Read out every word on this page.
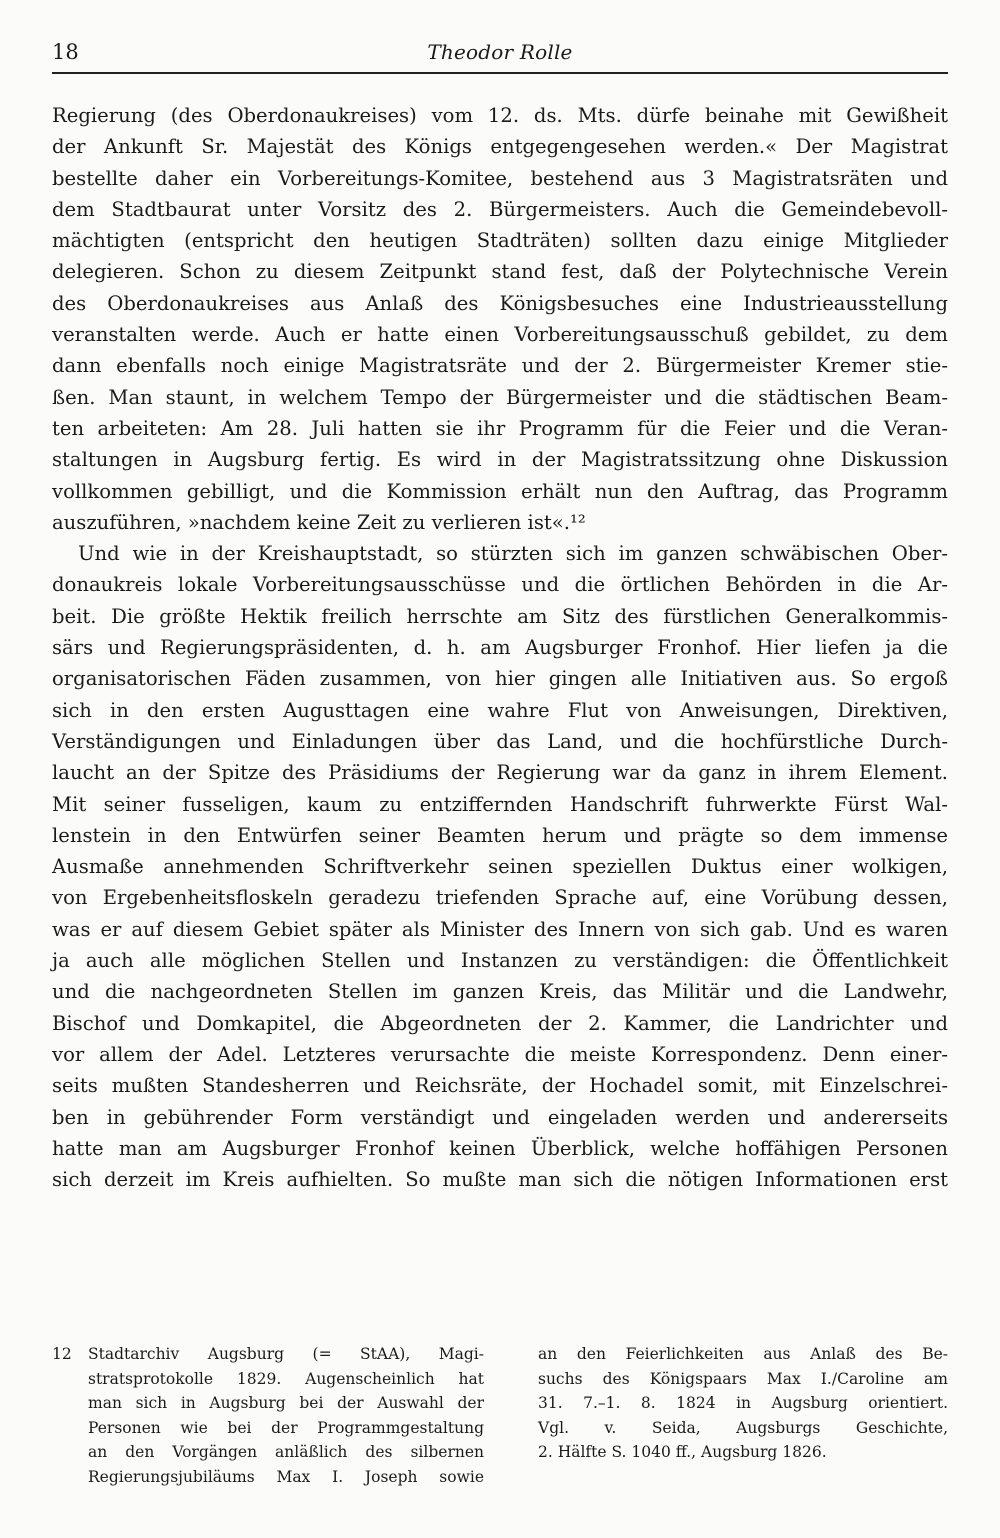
18	Theodor Rolle
Regierung (des Oberdonaukreises) vom 12. ds. Mts. dürfe beinahe mit Gewißheit
der Ankunft Sr. Majestät des Königs entgegengesehen werden.« Der Magistrat
bestellte daher ein Vorbereitungs-Komitee, bestehend aus 3 Magistratsräten und
dem Stadtbaurat unter Vorsitz des 2. Bürgermeisters. Auch die Gemeindebevoll-
mächtigten (entspricht den heutigen Stadträten) sollten dazu einige Mitglieder
delegieren. Schon zu diesem Zeitpunkt stand fest, daß der Polytechnische Verein
des Oberdonaukreises aus Anlaß des Königsbesuches eine Industrieausstellung
veranstalten werde. Auch er hatte einen Vorbereitungsausschuß gebildet, zu dem
dann ebenfalls noch einige Magistratsräte und der 2. Bürgermeister Kremer stie-
ßen. Man staunt, in welchem Tempo der Bürgermeister und die städtischen Beam-
ten arbeiteten: Am 28. Juli hatten sie ihr Programm für die Feier und die Veran-
staltungen in Augsburg fertig. Es wird in der Magistratssitzung ohne Diskussion
vollkommen gebilligt, und die Kommission erhält nun den Auftrag, das Programm
auszuführen, »nachdem keine Zeit zu verlieren ist«.¹²
Und wie in der Kreishauptstadt, so stürzten sich im ganzen schwäbischen Ober-
donaukreis lokale Vorbereitungsausschüsse und die örtlichen Behörden in die Ar-
beit. Die größte Hektik freilich herrschte am Sitz des fürstlichen Generalkommis-
särs und Regierungspräsidenten, d. h. am Augsburger Fronhof. Hier liefen ja die
organisatorischen Fäden zusammen, von hier gingen alle Initiativen aus. So ergoß
sich in den ersten Augusttagen eine wahre Flut von Anweisungen, Direktiven,
Verständigungen und Einladungen über das Land, und die hochfürstliche Durch-
laucht an der Spitze des Präsidiums der Regierung war da ganz in ihrem Element.
Mit seiner fusseligen, kaum zu entziffernden Handschrift fuhrwerkte Fürst Wal-
lenstein in den Entwürfen seiner Beamten herum und prägte so dem immense
Ausmaße annehmenden Schriftverkehr seinen speziellen Duktus einer wolkigen,
von Ergebenheitsfloskeln geradezu triefenden Sprache auf, eine Vorübung dessen,
was er auf diesem Gebiet später als Minister des Innern von sich gab. Und es waren
ja auch alle möglichen Stellen und Instanzen zu verständigen: die Öffentlichkeit
und die nachgeordneten Stellen im ganzen Kreis, das Militär und die Landwehr,
Bischof und Domkapitel, die Abgeordneten der 2. Kammer, die Landrichter und
vor allem der Adel. Letzteres verursachte die meiste Korrespondenz. Denn einer-
seits mußten Standesherren und Reichsräte, der Hochadel somit, mit Einzelschrei-
ben in gebührender Form verständigt und eingeladen werden und andererseits
hatte man am Augsburger Fronhof keinen Überblick, welche hoffähigen Personen
sich derzeit im Kreis aufhielten. So mußte man sich die nötigen Informationen erst
12 Stadtarchiv Augsburg (= StAA), Magi-
stratsprotokolle 1829. Augenscheinlich hat
man sich in Augsburg bei der Auswahl der
Personen wie bei der Programmgestaltung
an den Vorgängen anläßlich des silbernen
Regierungsjubiläums Max I. Joseph sowie
an den Feierlichkeiten aus Anlaß des Be-
suchs des Königspaars Max I./Caroline am
31. 7.–1. 8. 1824 in Augsburg orientiert.
Vgl. v. Seida, Augsburgs Geschichte,
2. Hälfte S. 1040 ff., Augsburg 1826.
